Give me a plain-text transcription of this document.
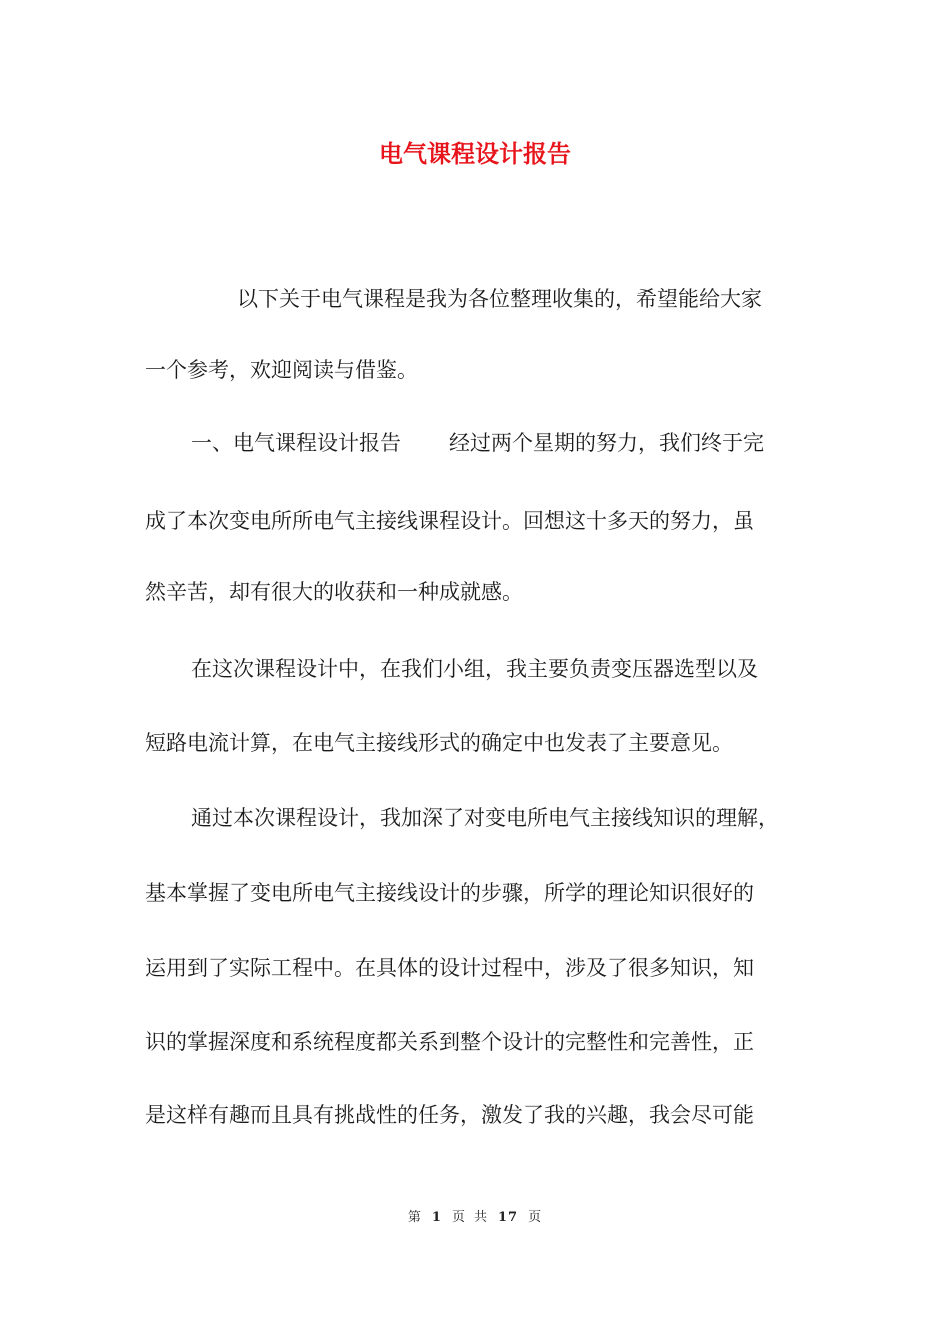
电气课程设计报告

以下关于电气课程是我为各位整理收集的，希望能给大家

一个参考，欢迎阅读与借鉴。

一、电气课程设计报告 经过两个星期的努力，我们终于完

成了本次变电所所电气主接线课程设计。回想这十多天的努力，虽

然辛苦，却有很大的收获和一种成就感。

在这次课程设计中，在我们小组，我主要负责变压器选型以及

短路电流计算，在电气主接线形式的确定中也发表了主要意见。

通过本次课程设计，我加深了对变电所电气主接线知识的理解，

基本掌握了变电所电气主接线设计的步骤，所学的理论知识很好的

运用到了实际工程中。在具体的设计过程中，涉及了很多知识，知

识的掌握深度和系统程度都关系到整个设计的完整性和完善性，正

是这样有趣而且具有挑战性的任务，激发了我的兴趣，我会尽可能

第 1 页 共 17 页
